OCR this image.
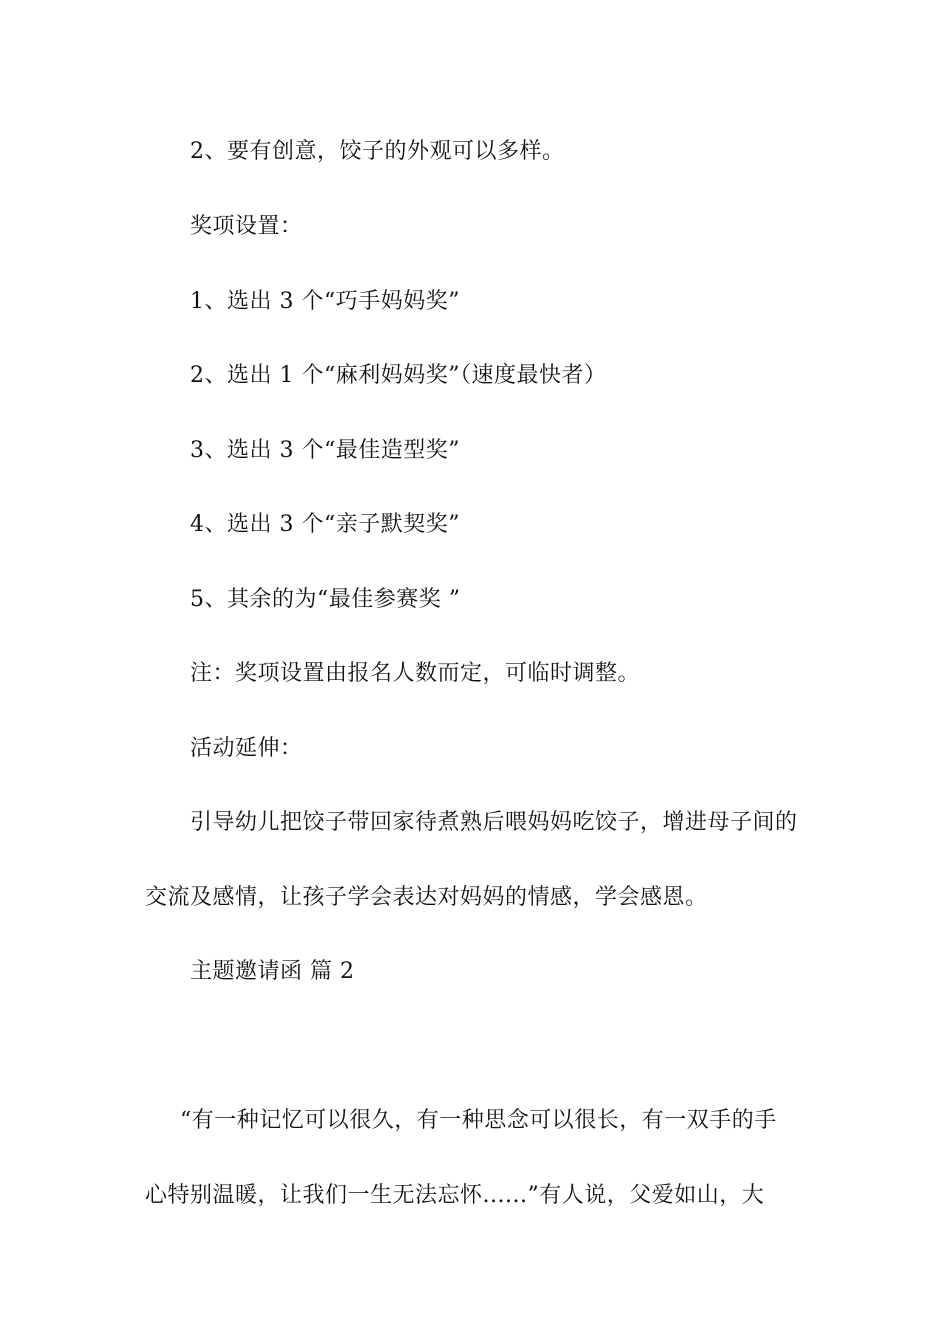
2、要有创意，饺子的外观可以多样。
奖项设置：
1、选出 3 个“巧手妈妈奖”
2、选出 1 个“麻利妈妈奖”（速度最快者）
3、选出 3 个“最佳造型奖”
4、选出 3 个“亲子默契奖”
5、其余的为“最佳参赛奖 ”
注：奖项设置由报名人数而定，可临时调整。
活动延伸：
引导幼儿把饺子带回家待煮熟后喂妈妈吃饺子，增进母子间的
交流及感情，让孩子学会表达对妈妈的情感，学会感恩。
主题邀请函 篇 2
“有一种记忆可以很久，有一种思念可以很长，有一双手的手
心特别温暖，让我们一生无法忘怀......”有人说，父爱如山，大
